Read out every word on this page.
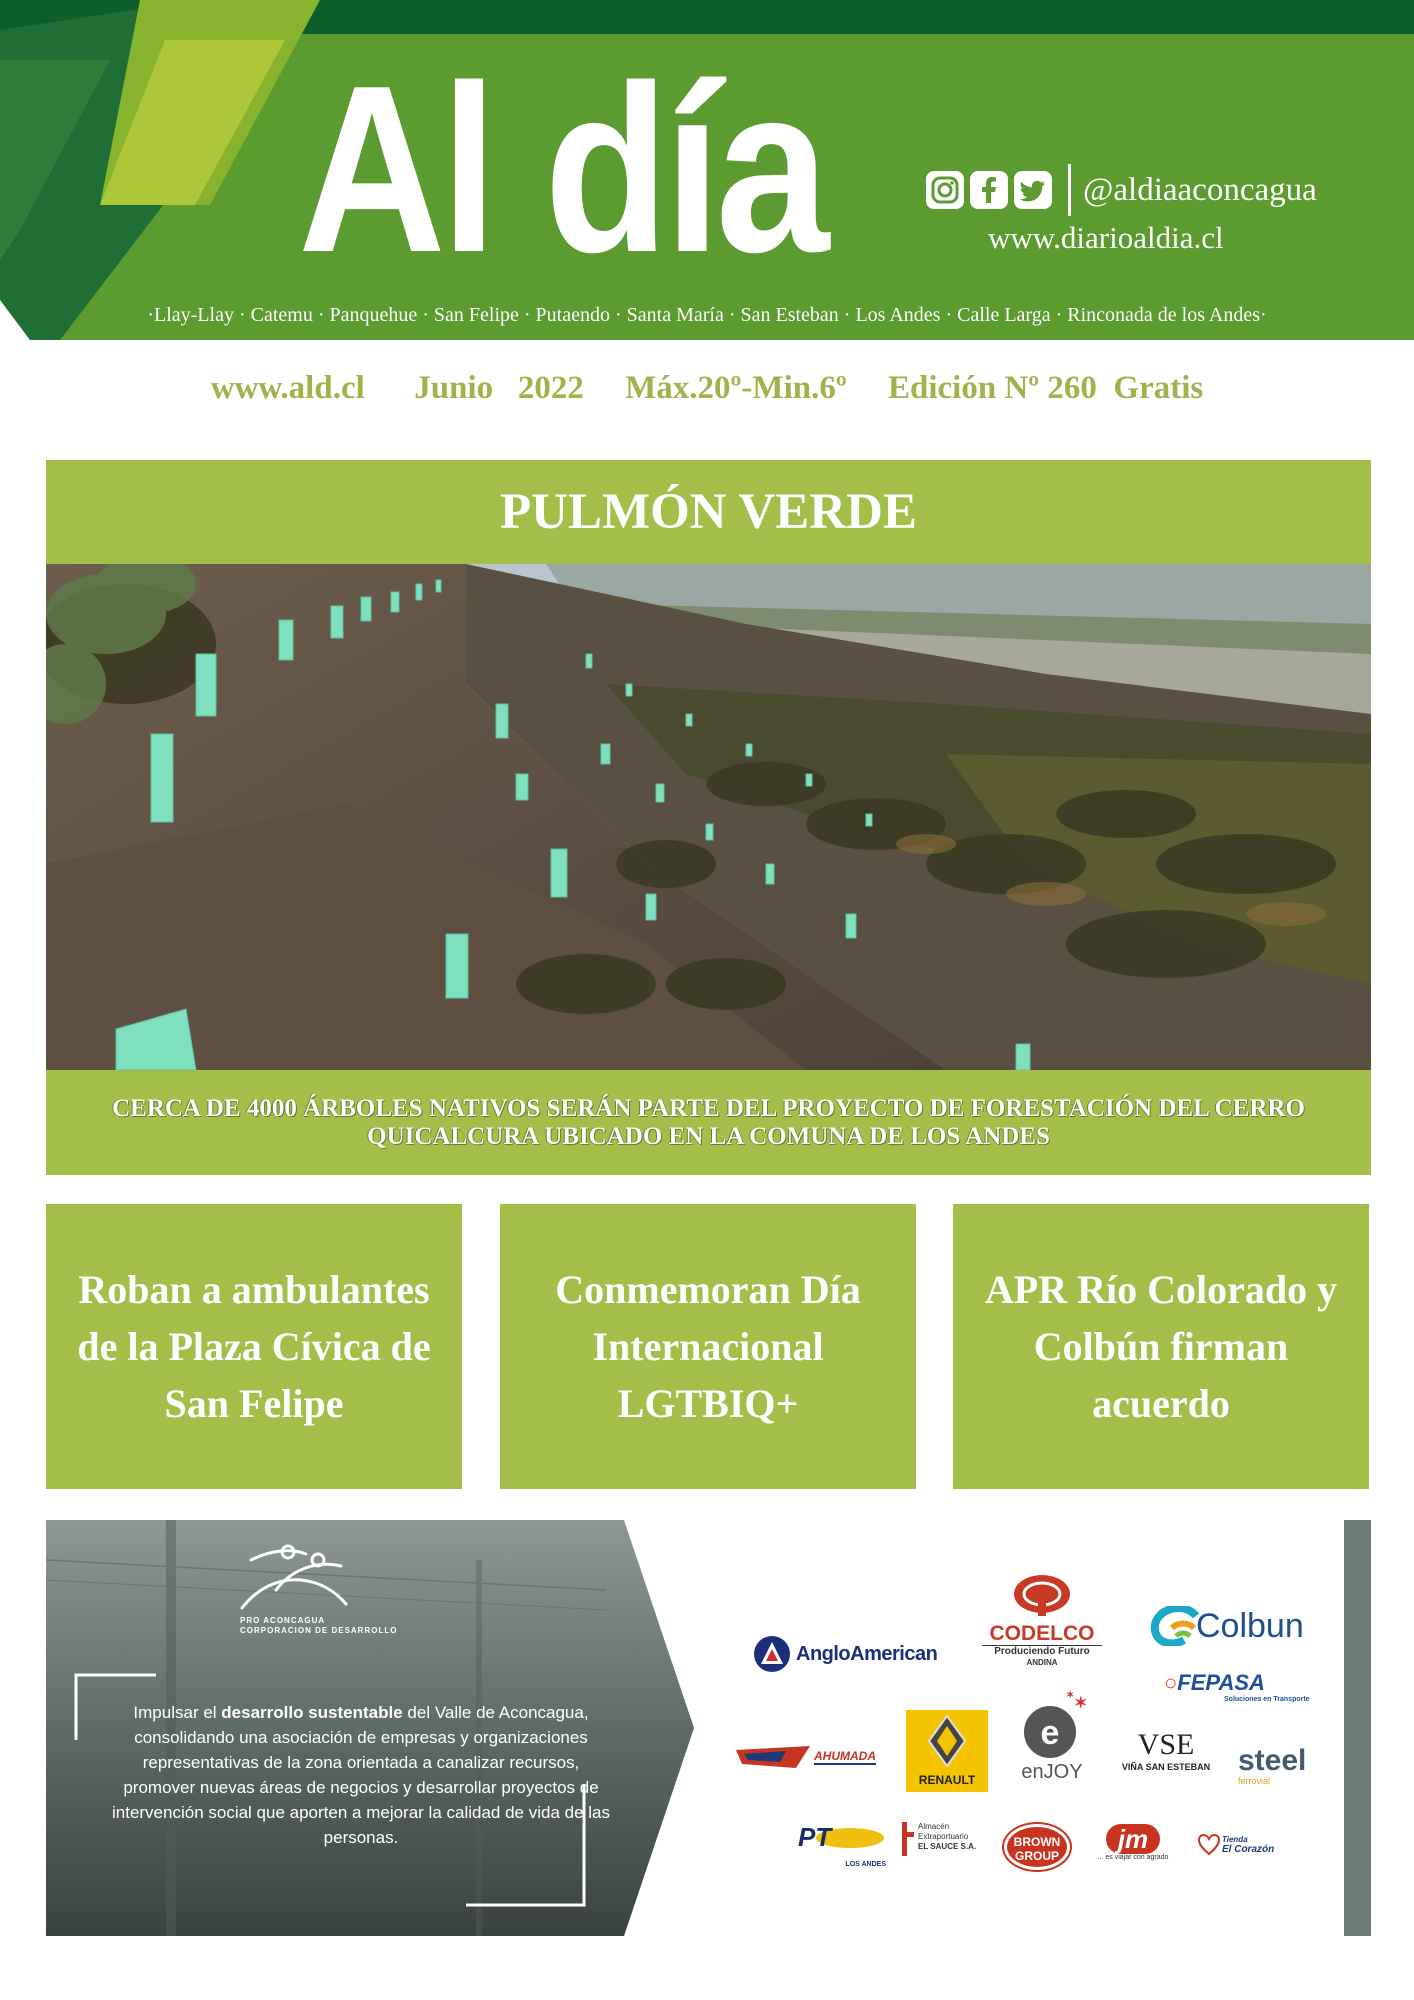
Al día	@aldiaaconcagua
www.diarioaldia.cl
·Llay-Llay · Catemu · Panquehue · San Felipe · Putaendo · Santa María · San Esteban · Los Andes · Calle Larga · Rinconada de los Andes·
www.ald.cl Junio   2022 Máx.20º-Min.6º Edición Nº 260  Gratis
PULMÓN VERDE
CERCA DE 4000 ÁRBOLES NATIVOS SERÁN PARTE DEL PROYECTO DE FORESTACIÓN DEL CERRO QUICALCURA UBICADO EN LA COMUNA DE LOS ANDES
Roban a ambulantes de la Plaza Cívica de San Felipe
Conmemoran Día Internacional LGTBIQ+
APR Río Colorado y Colbún firman acuerdo
PRO ACONCAGUA
CORPORACION DE DESARROLLO
Impulsar el desarrollo sustentable del Valle de Aconcagua, consolidando una asociación de empresas y organizaciones representativas de la zona orientada a canalizar recursos, promover nuevas áreas de negocios y desarrollar proyectos de intervención social que aporten a mejorar la calidad de vida de las personas.
AngloAmerican
CODELCO
Produciendo Futuro
ANDINA
Colbun
○FEPASA
Soluciones en Transporte
AHUMADA
RENAULT
e
✶
✶
enJOY
VSE
VIÑA SAN ESTEBAN steel
ferrovial
PT
LOS ANDES
Almacén
Extraportuario
EL SAUCE S.A.	BROWN
GROUP
jm
... es viajar con agrado
Tienda
El Corazón
